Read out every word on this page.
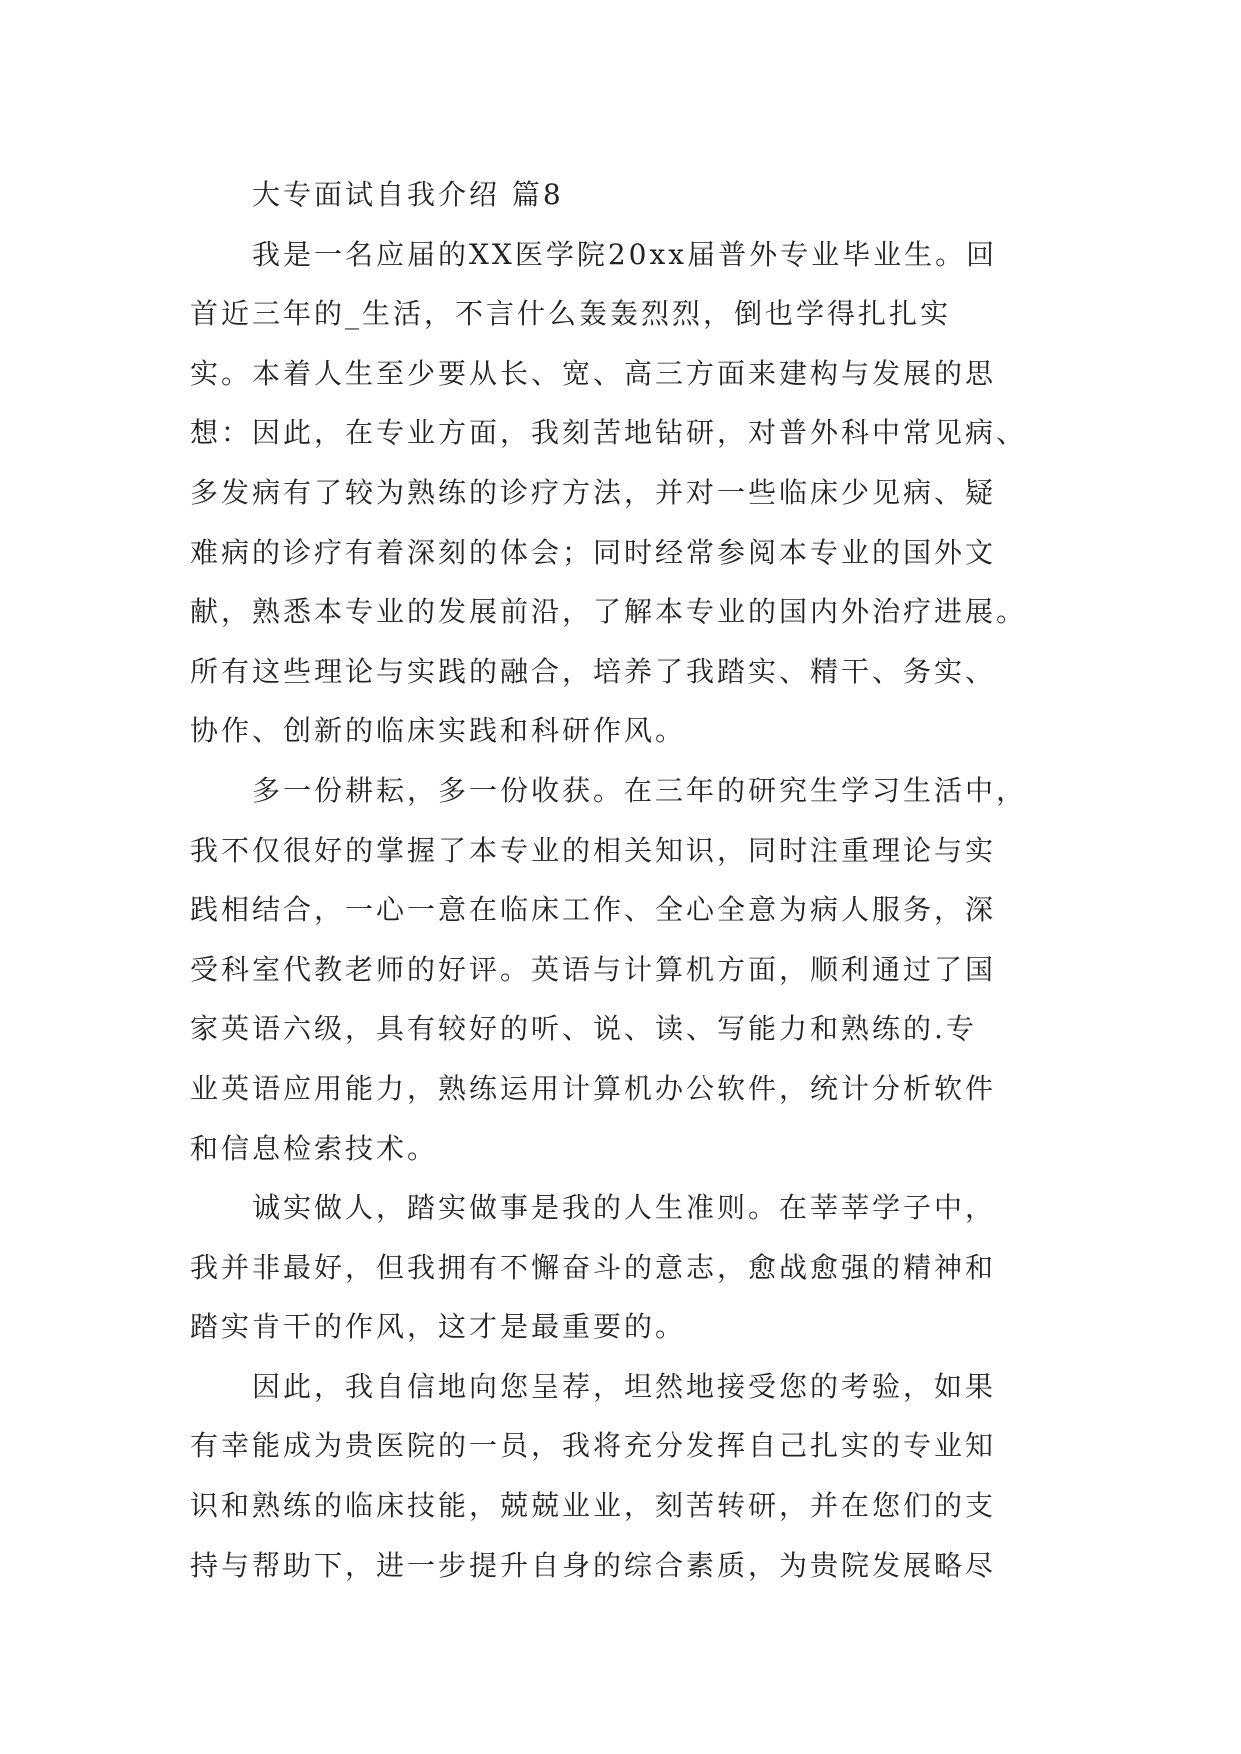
大专面试自我介绍 篇8
我是一名应届的XX医学院20xx届普外专业毕业生。回
首近三年的_生活，不言什么轰轰烈烈，倒也学得扎扎实
实。本着人生至少要从长、宽、高三方面来建构与发展的思
想：因此，在专业方面，我刻苦地钻研，对普外科中常见病、
多发病有了较为熟练的诊疗方法，并对一些临床少见病、疑
难病的诊疗有着深刻的体会；同时经常参阅本专业的国外文
献，熟悉本专业的发展前沿，了解本专业的国内外治疗进展。
所有这些理论与实践的融合，培养了我踏实、精干、务实、
协作、创新的临床实践和科研作风。
多一份耕耘，多一份收获。在三年的研究生学习生活中，
我不仅很好的掌握了本专业的相关知识，同时注重理论与实
践相结合，一心一意在临床工作、全心全意为病人服务，深
受科室代教老师的好评。英语与计算机方面，顺利通过了国
家英语六级，具有较好的听、说、读、写能力和熟练的.专
业英语应用能力，熟练运用计算机办公软件，统计分析软件
和信息检索技术。
诚实做人，踏实做事是我的人生准则。在莘莘学子中，
我并非最好，但我拥有不懈奋斗的意志，愈战愈强的精神和
踏实肯干的作风，这才是最重要的。
因此，我自信地向您呈荐，坦然地接受您的考验，如果
有幸能成为贵医院的一员，我将充分发挥自己扎实的专业知
识和熟练的临床技能，兢兢业业，刻苦转研，并在您们的支
持与帮助下，进一步提升自身的综合素质，为贵院发展略尽
